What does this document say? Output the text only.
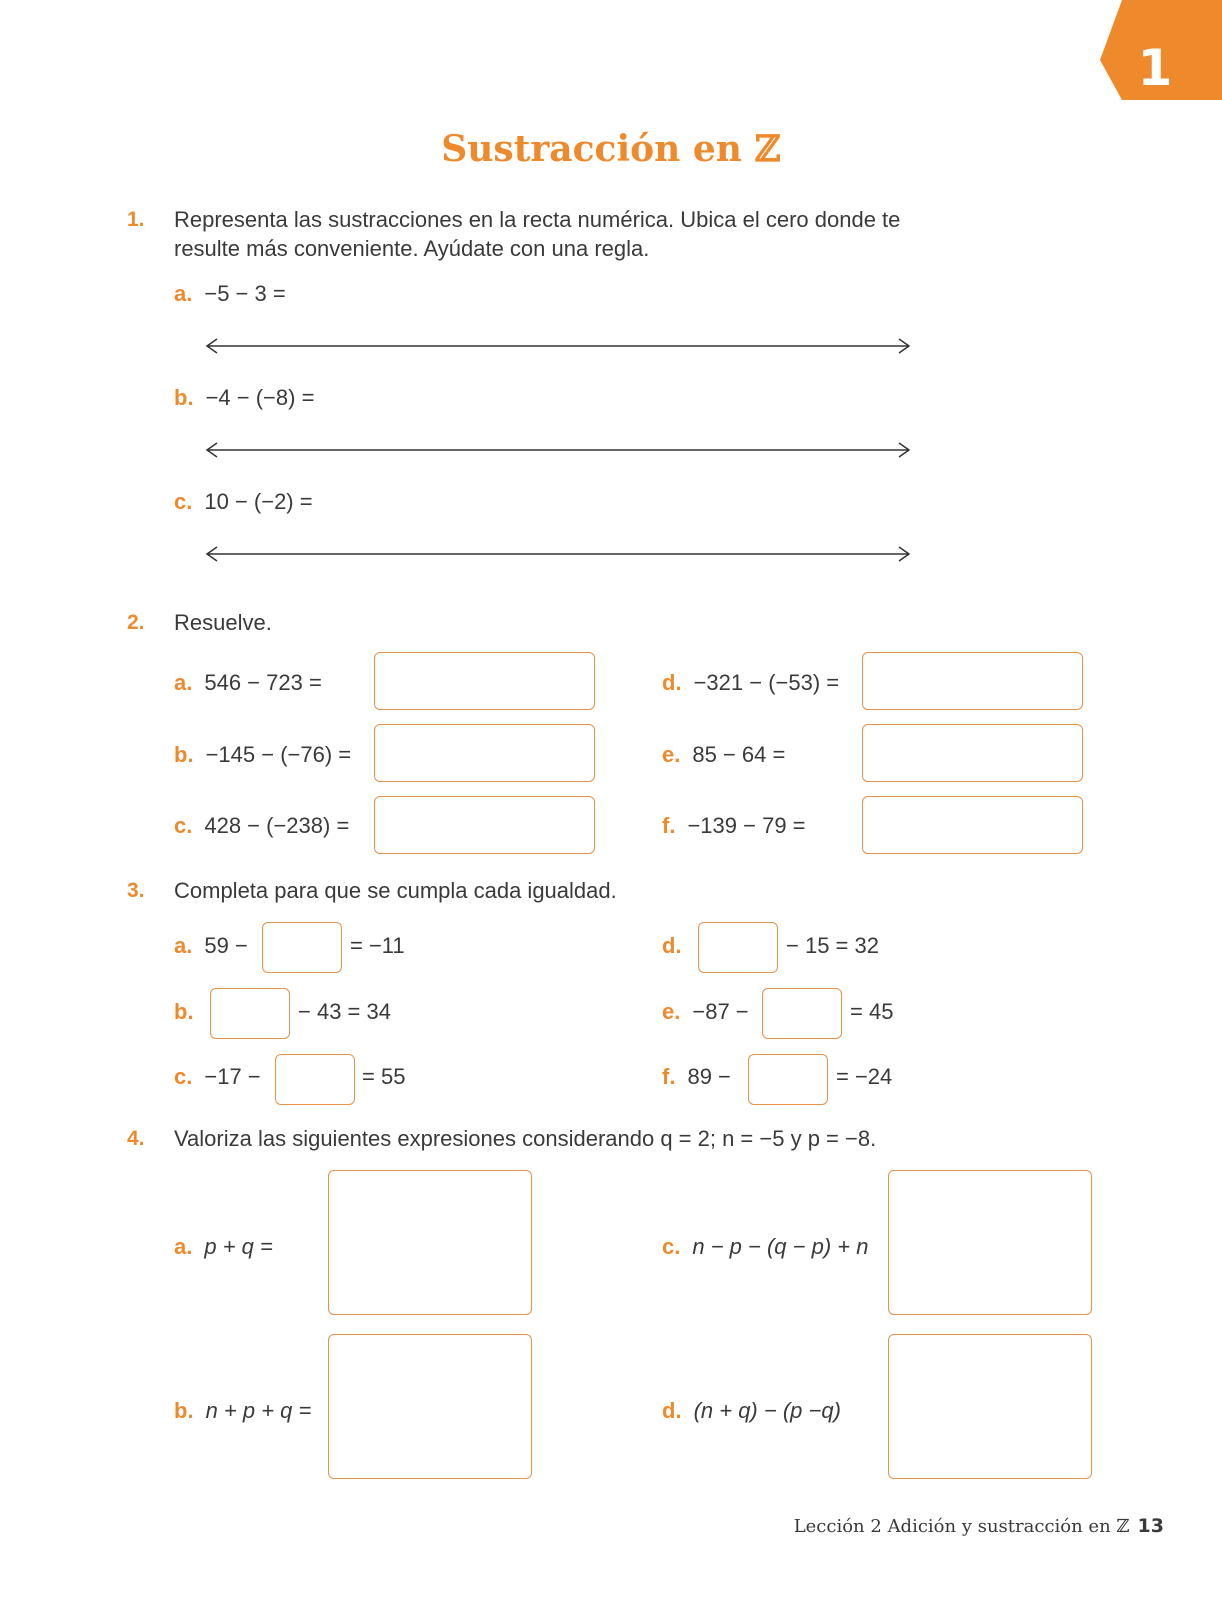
1
Sustracción en ℤ
1. Representa las sustracciones en la recta numérica. Ubica el cero donde te resulte más conveniente. Ayúdate con una regla.
a. −5 − 3 =
b. −4 − (−8) =
c. 10 − (−2) =
2. Resuelve.
a. 546 − 723 =
b. −145 − (−76) =
c. 428 − (−238) =
d. −321 − (−53) =
e. 85 − 64 =
f. −139 − 79 =
3. Completa para que se cumpla cada igualdad.
a. 59 −	= −11
b.	− 43 = 34
c. −17 −	= 55
d.	− 15 = 32
e. −87 −	= 45
f. 89 −	= −24
4. Valoriza las siguientes expresiones considerando q = 2; n = −5 y p = −8.
a. p + q =
b. n + p + q =
c. n − p − (q − p) + n
d. (n + q) − (p −q)
Lección 2 Adición y sustracción en ℤ 13
